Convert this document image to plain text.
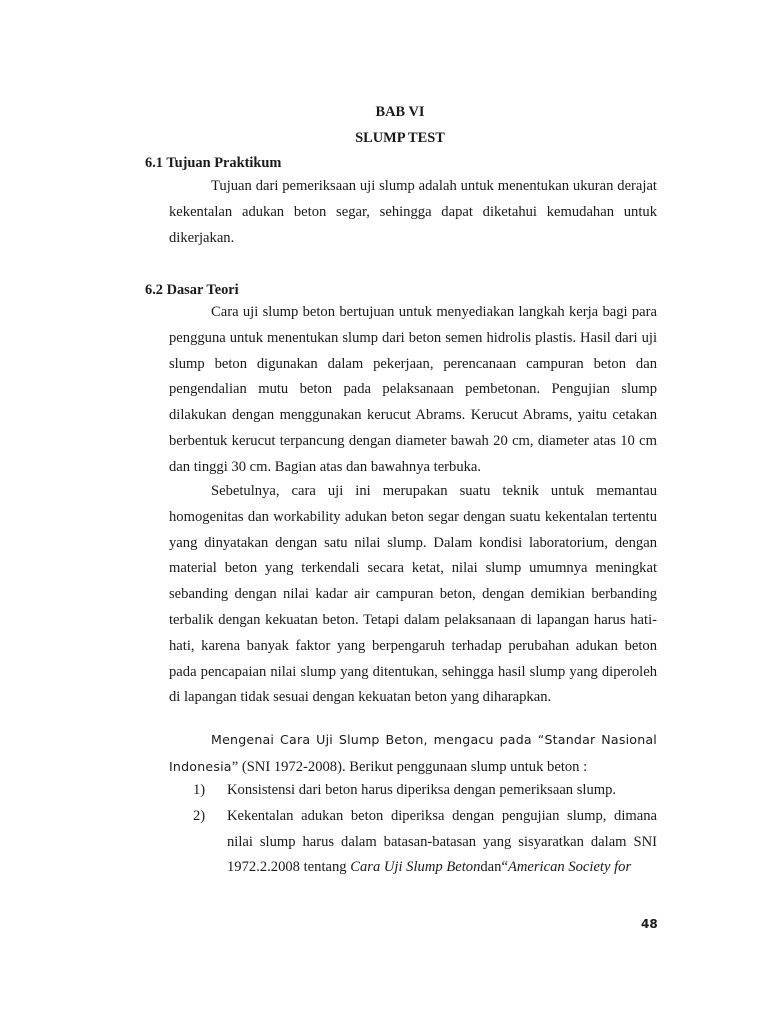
BAB VI
SLUMP TEST
6.1 Tujuan Praktikum

Tujuan dari pemeriksaan uji slump adalah untuk menentukan ukuran derajat kekentalan adukan beton segar, sehingga dapat diketahui kemudahan untuk dikerjakan.

6.2 Dasar Teori

Cara uji slump beton bertujuan untuk menyediakan langkah kerja bagi para pengguna untuk menentukan slump dari beton semen hidrolis plastis. Hasil dari uji slump beton digunakan dalam pekerjaan, perencanaan campuran beton dan pengendalian mutu beton pada pelaksanaan pembetonan. Pengujian slump dilakukan dengan menggunakan kerucut Abrams. Kerucut Abrams, yaitu cetakan berbentuk kerucut terpancung dengan diameter bawah 20 cm, diameter atas 10 cm dan tinggi 30 cm. Bagian atas dan bawahnya terbuka.

Sebetulnya, cara uji ini merupakan suatu teknik untuk memantau homogenitas dan workability adukan beton segar dengan suatu kekentalan tertentu yang dinyatakan dengan satu nilai slump. Dalam kondisi laboratorium, dengan material beton yang terkendali secara ketat, nilai slump umumnya meningkat sebanding dengan nilai kadar air campuran beton, dengan demikian berbanding terbalik dengan kekuatan beton. Tetapi dalam pelaksanaan di lapangan harus hati-hati, karena banyak faktor yang berpengaruh terhadap perubahan adukan beton pada pencapaian nilai slump yang ditentukan, sehingga hasil slump yang diperoleh di lapangan tidak sesuai dengan kekuatan beton yang diharapkan.

Mengenai Cara Uji Slump Beton, mengacu pada “Standar Nasional Indonesia” (SNI 1972-2008). Berikut penggunaan slump untuk beton :

1) Konsistensi dari beton harus diperiksa dengan pemeriksaan slump.
2) Kekentalan adukan beton diperiksa dengan pengujian slump, dimana nilai slump harus dalam batasan-batasan yang sisyaratkan dalam SNI 1972.2.2008 tentang Cara Uji Slump Betondan“American Society for
48
